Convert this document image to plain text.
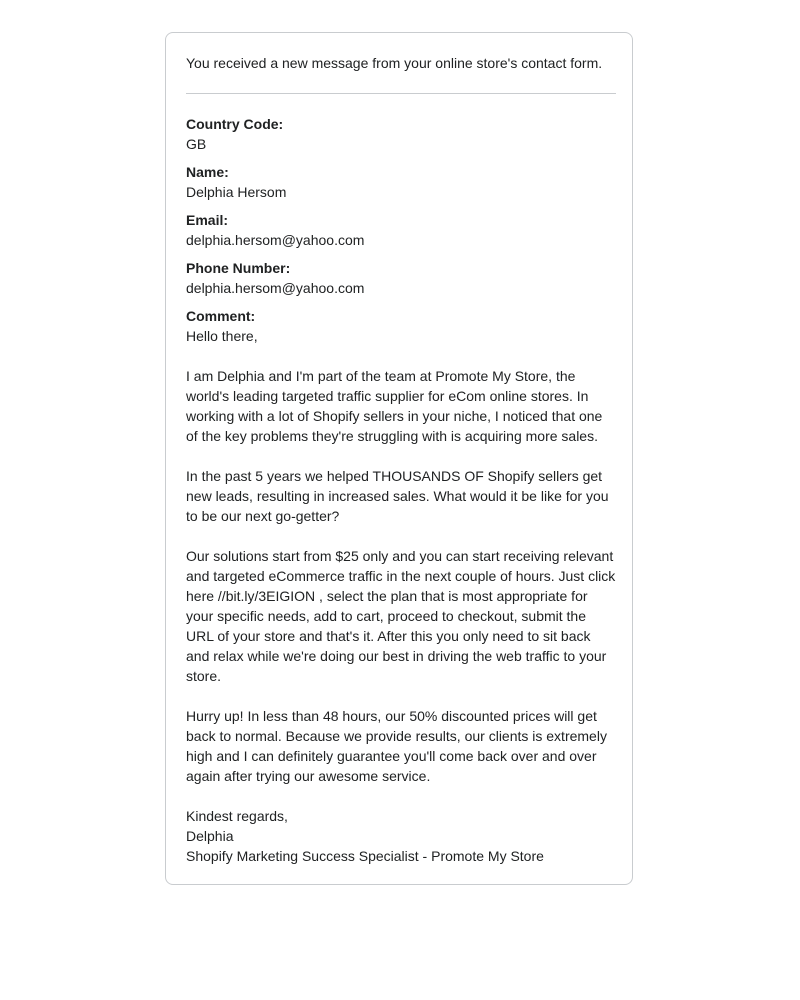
You received a new message from your online store's contact form.

Country Code:
GB
Name:
Delphia Hersom
Email:
delphia.hersom@yahoo.com
Phone Number:
delphia.hersom@yahoo.com
Comment:

Hello there,

I am Delphia and I'm part of the team at Promote My Store, the world's leading targeted traffic supplier for eCom online stores. In working with a lot of Shopify sellers in your niche, I noticed that one of the key problems they're struggling with is acquiring more sales.

In the past 5 years we helped THOUSANDS OF Shopify sellers get new leads, resulting in increased sales. What would it be like for you to be our next go-getter?

Our solutions start from $25 only and you can start receiving relevant and targeted eCommerce traffic in the next couple of hours. Just click here //bit.ly/3EIGION , select the plan that is most appropriate for your specific needs, add to cart, proceed to checkout, submit the URL of your store and that's it. After this you only need to sit back and relax while we're doing our best in driving the web traffic to your store.

Hurry up! In less than 48 hours, our 50% discounted prices will get back to normal. Because we provide results, our clients is extremely high and I can definitely guarantee you'll come back over and over again after trying our awesome service.

Kindest regards,
Delphia
Shopify Marketing Success Specialist - Promote My Store
